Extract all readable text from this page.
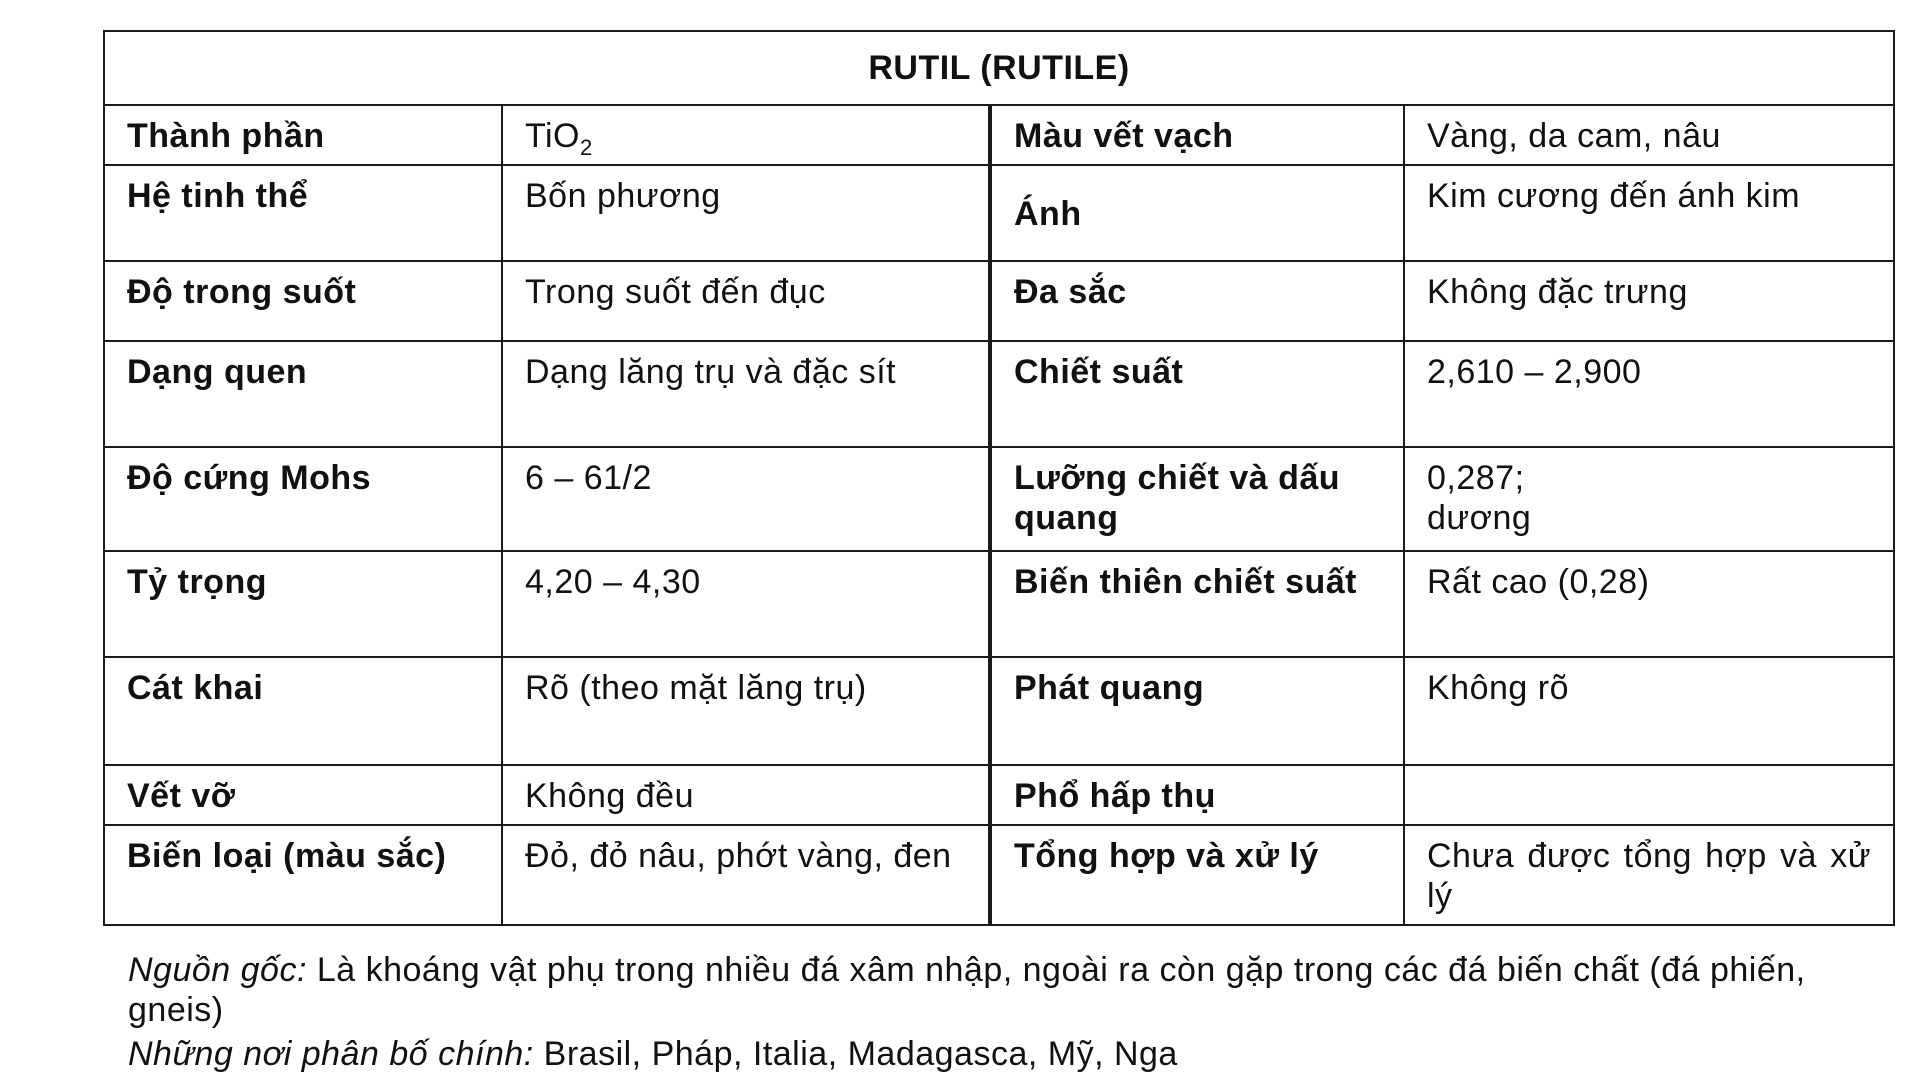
RUTIL (RUTILE)			
Thành phần	TiO$_2$	Màu vết vạch	Vàng, da cam, nâu
Hệ tinh thể	Bốn phương	Ánh	Kim cương đến ánh kim
Độ trong suốt	Trong suốt đến đục	Đa sắc	Không đặc trưng
Dạng quen	Dạng lăng trụ và đặc sít	Chiết suất	2,610 – 2,900
Độ cứng Mohs	6 – 61/2	Lưỡng chiết và dấu quang	0,287;
dương

Tỷ trọng	4,20 – 4,30	Biến thiên chiết suất	Rất cao (0,28)
Cát khai	Rõ (theo mặt lăng trụ)	Phát quang	Không rõ
Vết vỡ	Không đều	Phổ hấp thụ	
Biến loại (màu sắc)	Đỏ, đỏ nâu, phớt vàng, đen	Tổng hợp và xử lý	Chưa được tổng hợp và xử lý

Nguồn gốc: Là khoáng vật phụ trong nhiều đá xâm nhập, ngoài ra còn gặp trong các đá biến chất (đá phiến, gneis)

Những nơi phân bố chính: Brasil, Pháp, Italia, Madagasca, Mỹ, Nga
